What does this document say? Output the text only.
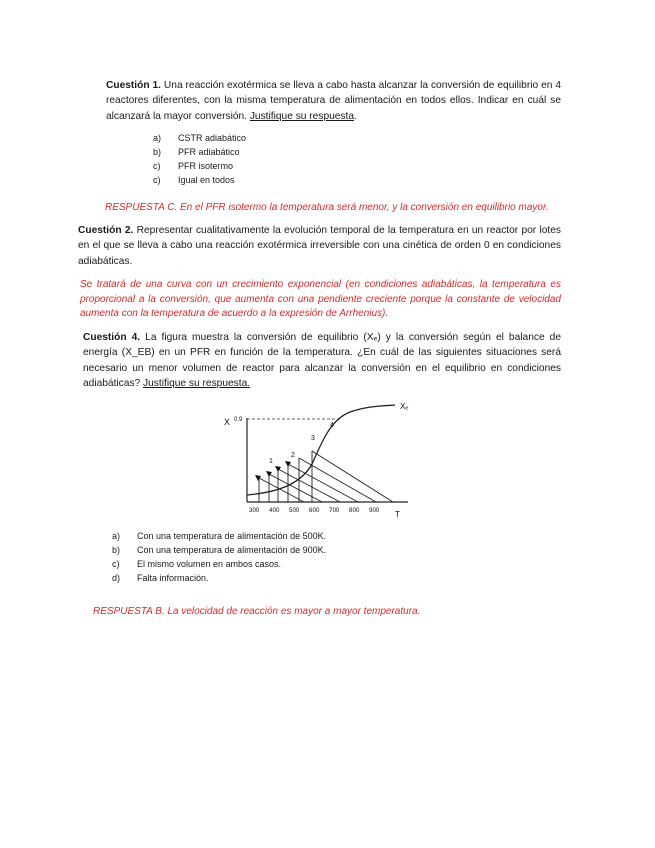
Cuestión 1. Una reacción exotérmica se lleva a cabo hasta alcanzar la conversión de equilibrio en 4 reactores diferentes, con la misma temperatura de alimentación en todos ellos. Indicar en cuál se alcanzará la mayor conversión. Justifique su respuesta.

a)	CSTR adiabático
b)	PFR adiabático
c)	PFR isotermo
c)	Igual en todos

RESPUESTA C. En el PFR isotermo la temperatura será menor, y la conversión en equilibrio mayor.

Cuestión 2. Representar cualitativamente la evolución temporal de la temperatura en un reactor por lotes en el que se lleva a cabo una reacción exotérmica irreversible con una cinética de orden 0 en condiciones adiabáticas.

Se tratará de una curva con un crecimiento exponencial (en condiciones adiabáticas, la temperatura es proporcional a la conversión, que aumenta con una pendiente creciente porque la constante de velocidad aumenta con la temperatura de acuerdo a la expresión de Arrhenius).

Cuestión 4. La figura muestra la conversión de equilibrio (Xₑ) y la conversión según el balance de energía (X_EB) en un PFR en función de la temperatura. ¿En cuál de las siguientes situaciones será necesario un menor volumen de reactor para alcanzar la conversión en el equilibrio en condiciones adiabáticas? Justifique su respuesta.

X 0.9
Xₑ
1
2
3
4
300 400 500 600 700 800 900 T
a)	Con una temperatura de alimentación de 500K.
b)	Con una temperatura de alimentación de 900K.
c)	El mismo volumen en ambos casos.
d)	Falta información.

RESPUESTA B. La velocidad de reacción es mayor a mayor temperatura.
